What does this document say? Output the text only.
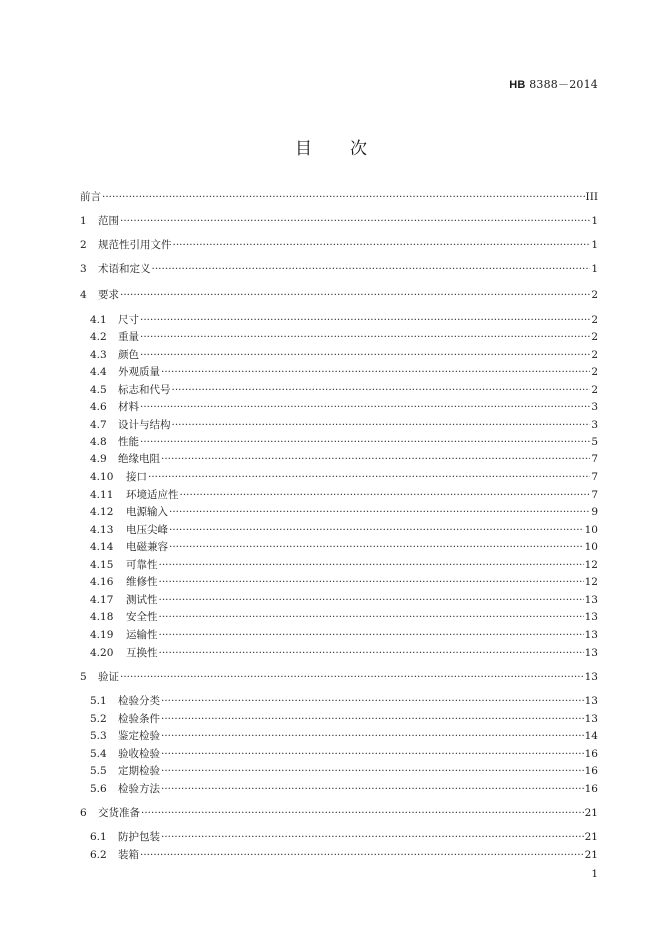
HB 8388－2014
目次
前言 ·····	III
1	范围 ·····	1
2	规范性引用文件 ·····	1
3	术语和定义 ·····	1
4	要求 ·····	2
4.1	尺寸 ·····	2
4.2	重量 ·····	2
4.3	颜色 ·····	2
4.4	外观质量 ·····	2
4.5	标志和代号 ·····	2
4.6	材料 ·····	3
4.7	设计与结构 ·····	3
4.8	性能 ·····	5
4.9	绝缘电阻 ·····	7
4.10	接口 ·····	7
4.11	环境适应性 ·····	7
4.12	电源输入 ·····	9
4.13	电压尖峰 ·····	10
4.14	电磁兼容 ·····	10
4.15	可靠性 ·····	12
4.16	维修性 ·····	12
4.17	测试性 ·····	13
4.18	安全性 ·····	13
4.19	运输性 ·····	13
4.20	互换性 ·····	13
5	验证 ·····	13
5.1	检验分类 ·····	13
5.2	检验条件 ·····	13
5.3	鉴定检验 ·····	14
5.4	验收检验 ·····	16
5.5	定期检验 ·····	16
5.6	检验方法 ·····	16
6	交货准备 ·····	21
6.1	防护包装 ·····	21
6.2	装箱 ·····	21
1
